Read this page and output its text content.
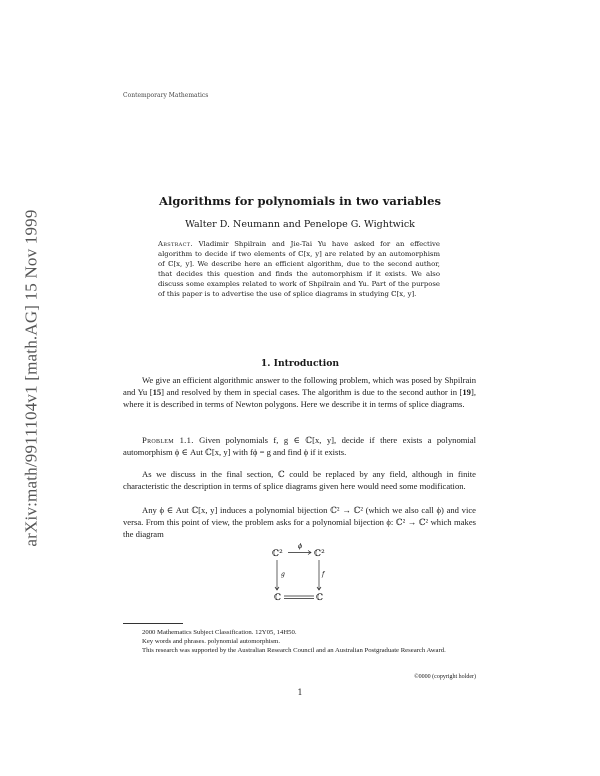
Contemporary Mathematics
arXiv:math/9911104v1 [math.AG] 15 Nov 1999
Algorithms for polynomials in two variables
Walter D. Neumann and Penelope G. Wightwick
Abstract. Vladimir Shpilrain and Jie-Tai Yu have asked for an effective algorithm to decide if two elements of ℂ[x, y] are related by an automorphism of ℂ[x, y]. We describe here an efficient algorithm, due to the second author, that decides this question and finds the automorphism if it exists. We also discuss some examples related to work of Shpilrain and Yu. Part of the purpose of this paper is to advertise the use of splice diagrams in studying ℂ[x, y].
1. Introduction
We give an efficient algorithmic answer to the following problem, which was posed by Shpilrain and Yu [15] and resolved by them in special cases. The algorithm is due to the second author in [19], where it is described in terms of Newton polygons. Here we describe it in terms of splice diagrams.
Problem 1.1. Given polynomials f, g ∈ ℂ[x, y], decide if there exists a polynomial automorphism ϕ ∈ Aut ℂ[x, y] with fϕ = g and find ϕ if it exists.
As we discuss in the final section, ℂ could be replaced by any field, although in finite characteristic the description in terms of splice diagrams given here would need some modification.
Any ϕ ∈ Aut ℂ[x, y] induces a polynomial bijection ℂ² → ℂ² (which we also call ϕ) and vice versa. From this point of view, the problem asks for a polynomial bijection ϕ: ℂ² → ℂ² which makes the diagram
ℂ²	ℂ²
ℂ	ℂ
ϕ
g	f
2000 Mathematics Subject Classification. 12Y05, 14H50.
Key words and phrases. polynomial automorphism.
This research was supported by the Australian Research Council and an Australian Postgraduate Research Award.
©0000 (copyright holder)
1
